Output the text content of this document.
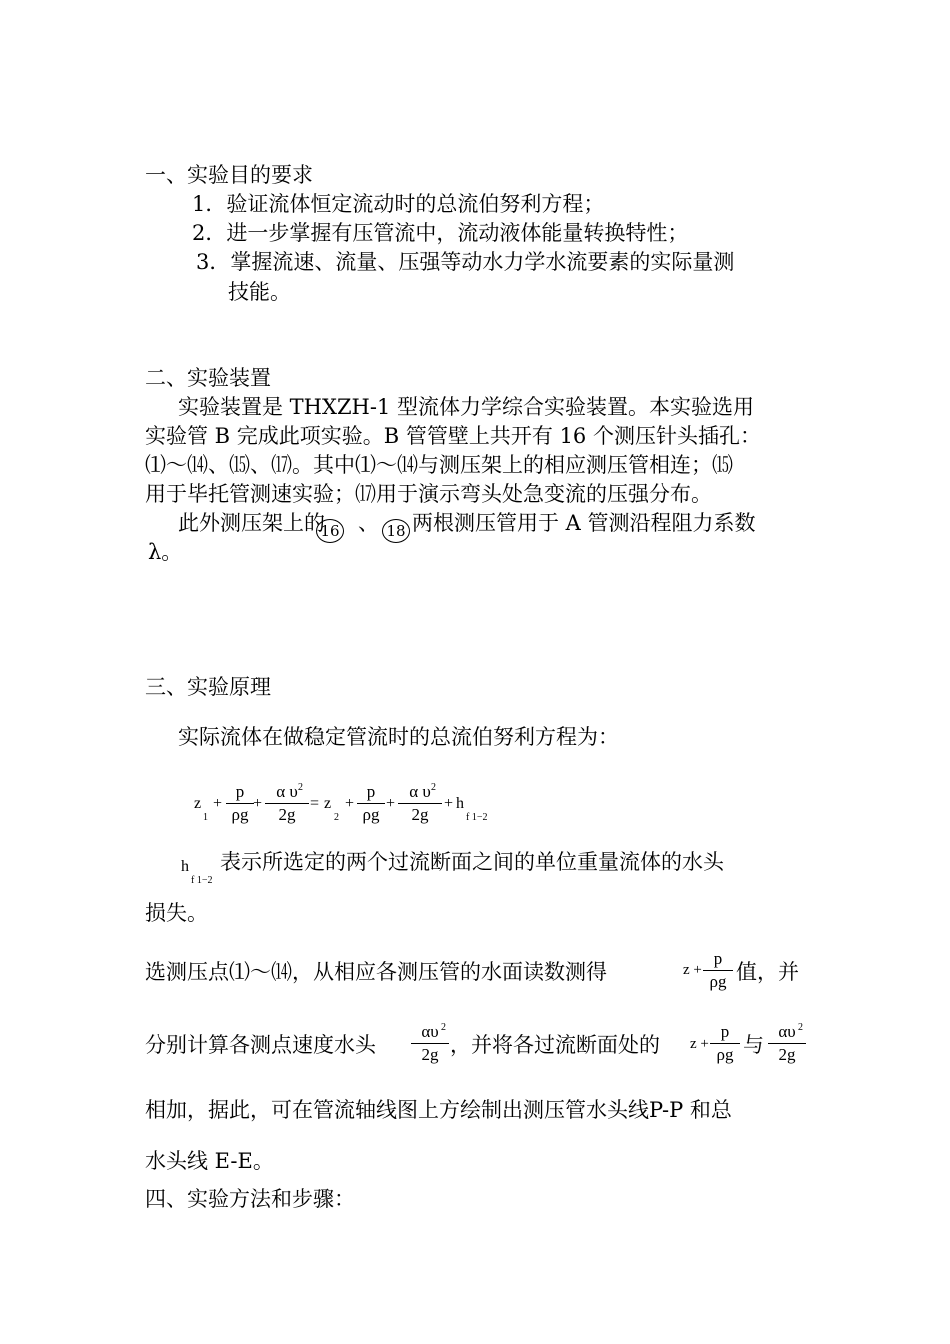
一、实验目的要求
1．验证流体恒定流动时的总流伯努利方程；
2．进一步掌握有压管流中，流动液体能量转换特性；
3．掌握流速、流量、压强等动水力学水流要素的实际量测
技能。
二、实验装置
实验装置是 THXZH-1 型流体力学综合实验装置。本实验选用
实验管 B 完成此项实验。B 管管壁上共开有 16 个测压针头插孔：
⑴～⒁、⒂、⒄。其中⑴～⒁与测压架上的相应测压管相连；⒂
用于毕托管测速实验；⒄用于演示弯头处急变流的压强分布。
此外测压架上的 、 两根测压管用于 A 管测沿程阻力系数
16	18
λ。
三、实验原理
实际流体在做稳定管流时的总流伯努利方程为：
z
1
+
p
ρg
+
α υ
2g
2
= z
2
+
p
ρg
+
α υ
2g
2
+ h
f 1−2
h
f 1−2
表示所选定的两个过流断面之间的单位重量流体的水头
损失。
选测压点⑴～⒁，从相应各测压管的水面读数测得	z +
p
ρg 值，并
分别计算各测点速度水头
αυ
2g
2
，并将各过流断面处的 z +
p
ρg 与
αυ
2g
2
相加，据此，可在管流轴线图上方绘制出测压管水头线P-P 和总
水头线 E-E。
四、实验方法和步骤：
